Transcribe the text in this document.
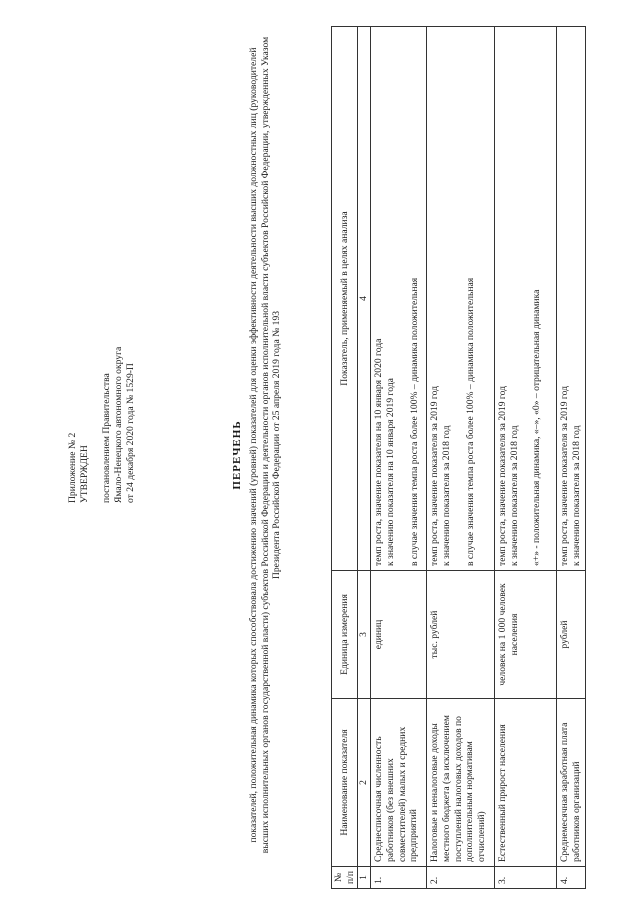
Приложение № 2 УТВЕРЖДЕН постановлением Правительства Ямало-Ненецкого автономного округа от 24 декабря 2020 года № 1529-П	ПЕРЕЧЕНЬ показателей, положительная динамика которых способствовала достижению значений (уровней) показателей для оценки эффективности деятельности высших должностных лиц (руководителей высших исполнительных органов государственной власти) субъектов Российской Федерации и деятельности органов исполнительной власти субъектов Российской Федерации, утвержденных Указом Президента Российской Федерации от 25 апреля 2019 года № 193
№ п/п	Наименование показателя	Единица измерения	Показатель, применяемый в целях анализа
1	2	3	4
1.	Среднесписочная численность работников (без внешних совместителей) малых и средних предприятий	единиц	темп роста, значение показателя на 10 января 2020 года к значению показателя на 10 января 2019 года в случае значения темпа роста более 100% – динамика положительная

2.	Налоговые и неналоговые доходы местного бюджета (за исключением поступлений налоговых доходов по дополнительным нормативам отчислений)	тыс. рублей	темп роста, значение показателя за 2019 год к значению показателя за 2018 год в случае значения темпа роста более 100% – динамика положительная

3.	Естественный прирост населения	человек на 1 000 человек населения	темп роста, значение показателя за 2019 год к значению показателя за 2018 год «+» - положительная динамика, «–», «0» – отрицательная динамика

4.	Среднемесячная заработная плата работников организаций	рублей	темп роста, значение показателя за 2019 год к значению показателя за 2018 год
